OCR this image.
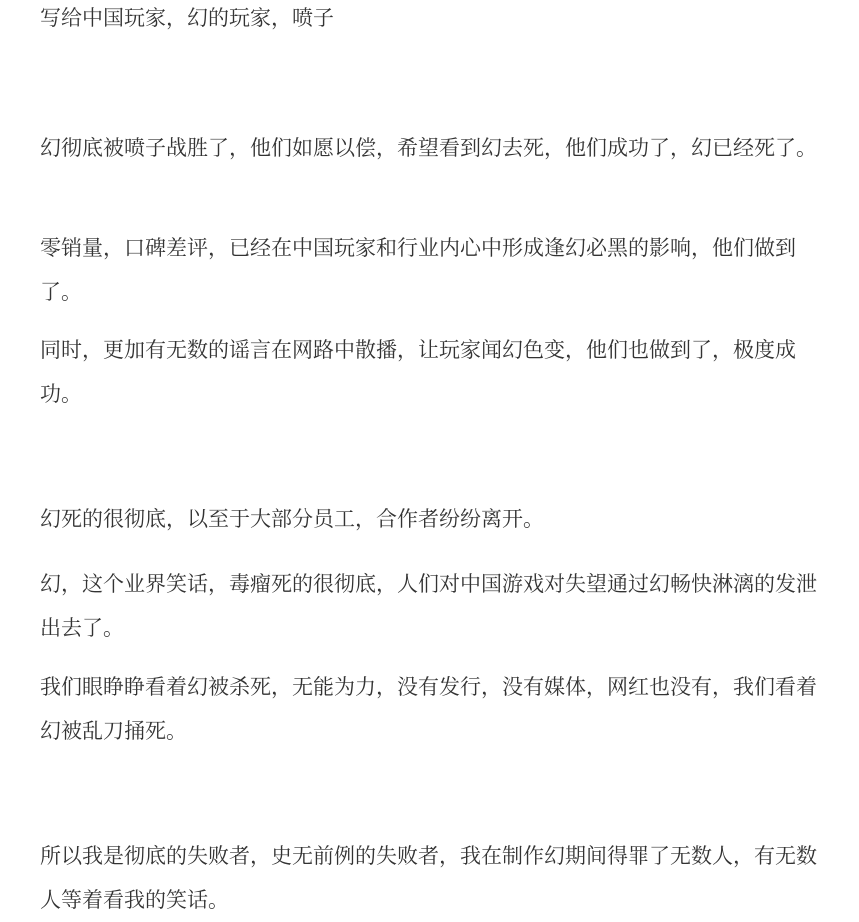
写给中国玩家，幻的玩家，喷子

幻彻底被喷子战胜了，他们如愿以偿，希望看到幻去死，他们成功了，幻已经死了。

零销量，口碑差评，已经在中国玩家和行业内心中形成逢幻必黑的影响，他们做到了。

同时，更加有无数的谣言在网路中散播，让玩家闻幻色变，他们也做到了，极度成功。

幻死的很彻底，以至于大部分员工，合作者纷纷离开。

幻，这个业界笑话，毒瘤死的很彻底，人们对中国游戏对失望通过幻畅快淋漓的发泄出去了。

我们眼睁睁看着幻被杀死，无能为力，没有发行，没有媒体，网红也没有，我们看着幻被乱刀捅死。

所以我是彻底的失败者，史无前例的失败者，我在制作幻期间得罪了无数人，有无数人等着看我的笑话。
